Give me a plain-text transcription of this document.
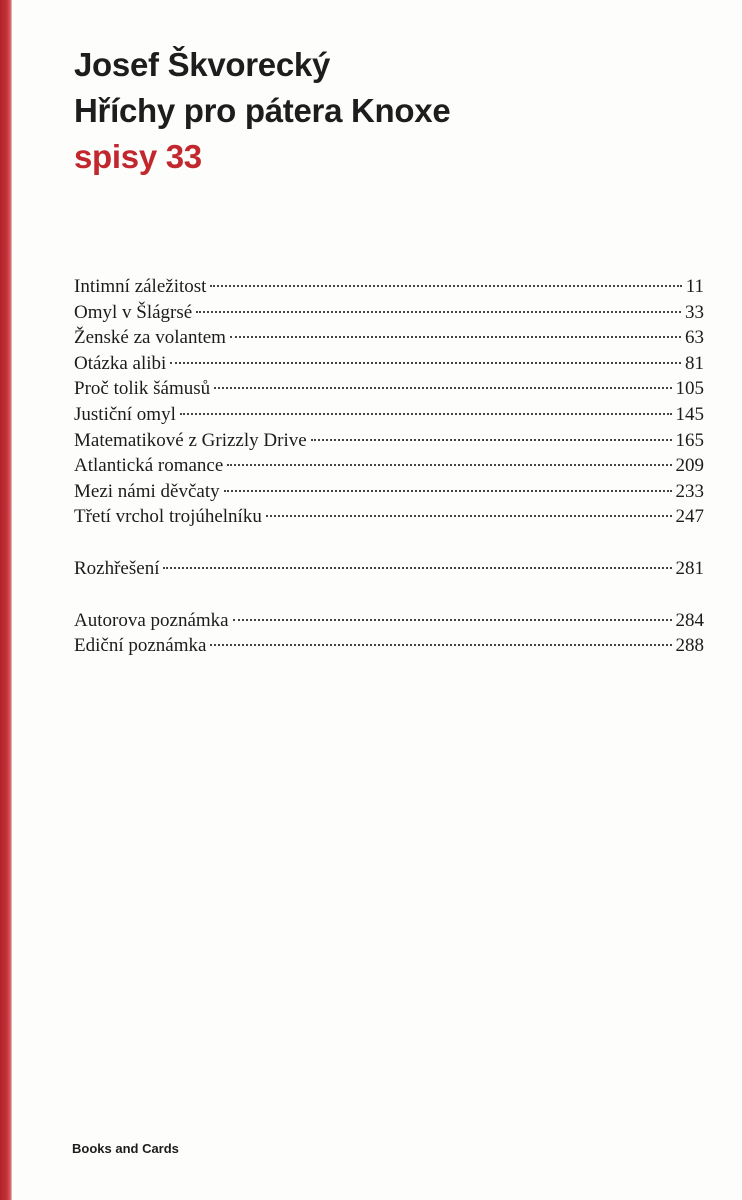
Josef Škvorecký
Hříchy pro pátera Knoxe
spisy 33
Intimní záležitost	11
Omyl v Šlágrsé	33
Ženské za volantem	63
Otázka alibi	81
Proč tolik šámusů	105
Justiční omyl	145
Matematikové z Grizzly Drive	165
Atlantická romance	209
Mezi námi děvčaty	233
Třetí vrchol trojúhelníku	247
Rozhřešení	281
Autorova poznámka	284
Ediční poznámka	288
Books and Cards
